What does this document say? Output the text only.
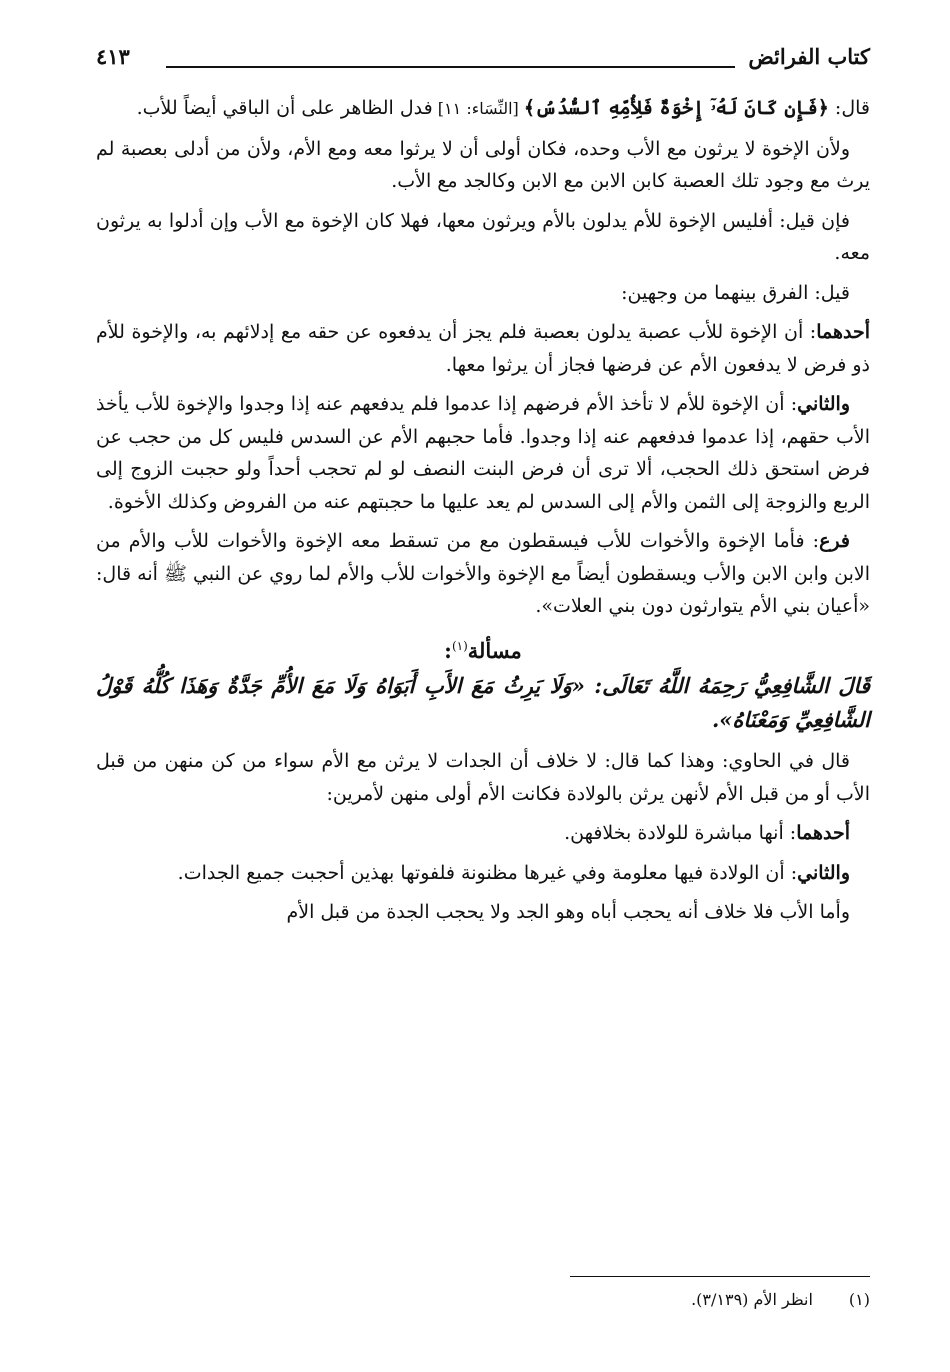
كتاب الفرائض
٤١٣

قال: ﴿فَإِن كَانَ لَهُۥٓ إِخْوَةٌ فَلِأُمِّهِ ٱلسُّدُسُ﴾ [النِّسَاء: ١١] فدل الظاهر على أن الباقي أيضاً للأب.

ولأن الإخوة لا يرثون مع الأب وحده، فكان أولى أن لا يرثوا معه ومع الأم، ولأن من أدلى بعصبة لم يرث مع وجود تلك العصبة كابن الابن مع الابن وكالجد مع الأب.

فإن قيل: أفليس الإخوة للأم يدلون بالأم ويرثون معها، فهلا كان الإخوة مع الأب وإن أدلوا به يرثون معه.

قيل: الفرق بينهما من وجهين:

أحدهما: أن الإخوة للأب عصبة يدلون بعصبة فلم يجز أن يدفعوه عن حقه مع إدلائهم به، والإخوة للأم ذو فرض لا يدفعون الأم عن فرضها فجاز أن يرثوا معها.

والثاني: أن الإخوة للأم لا تأخذ الأم فرضهم إذا عدموا فلم يدفعهم عنه إذا وجدوا والإخوة للأب يأخذ الأب حقهم، إذا عدموا فدفعهم عنه إذا وجدوا. فأما حجبهم الأم عن السدس فليس كل من حجب عن فرض استحق ذلك الحجب، ألا ترى أن فرض البنت النصف لو لم تحجب أحداً ولو حجبت الزوج إلى الربع والزوجة إلى الثمن والأم إلى السدس لم يعد عليها ما حجبتهم عنه من الفروض وكذلك الأخوة.

فرع: فأما الإخوة والأخوات للأب فيسقطون مع من تسقط معه الإخوة والأخوات للأب والأم من الابن وابن الابن والأب ويسقطون أيضاً مع الإخوة والأخوات للأب والأم لما روي عن النبي ﷺ أنه قال: «أعيان بني الأم يتوارثون دون بني العلات».

مسألة$^{(١)}$:

قَالَ الشَّافِعِيُّ رَحِمَهُ اللَّهُ تَعَالَى: «وَلَا يَرِثُ مَعَ الأَبِ أَبَوَاهُ وَلَا مَعَ الأُمِّ جَدَّةٌ وَهَذَا كُلُّهُ قَوْلُ الشَّافِعِيِّ وَمَعْنَاهُ».

قال في الحاوي: وهذا كما قال: لا خلاف أن الجدات لا يرثن مع الأم سواء من كن منهن من قبل الأب أو من قبل الأم لأنهن يرثن بالولادة فكانت الأم أولى منهن لأمرين:

أحدهما: أنها مباشرة للولادة بخلافهن.

والثاني: أن الولادة فيها معلومة وفي غيرها مظنونة فلفوتها بهذين أحجبت جميع الجدات.

وأما الأب فلا خلاف أنه يحجب أباه وهو الجد ولا يحجب الجدة من قبل الأم

(١)انظر الأم (٣/١٣٩).
